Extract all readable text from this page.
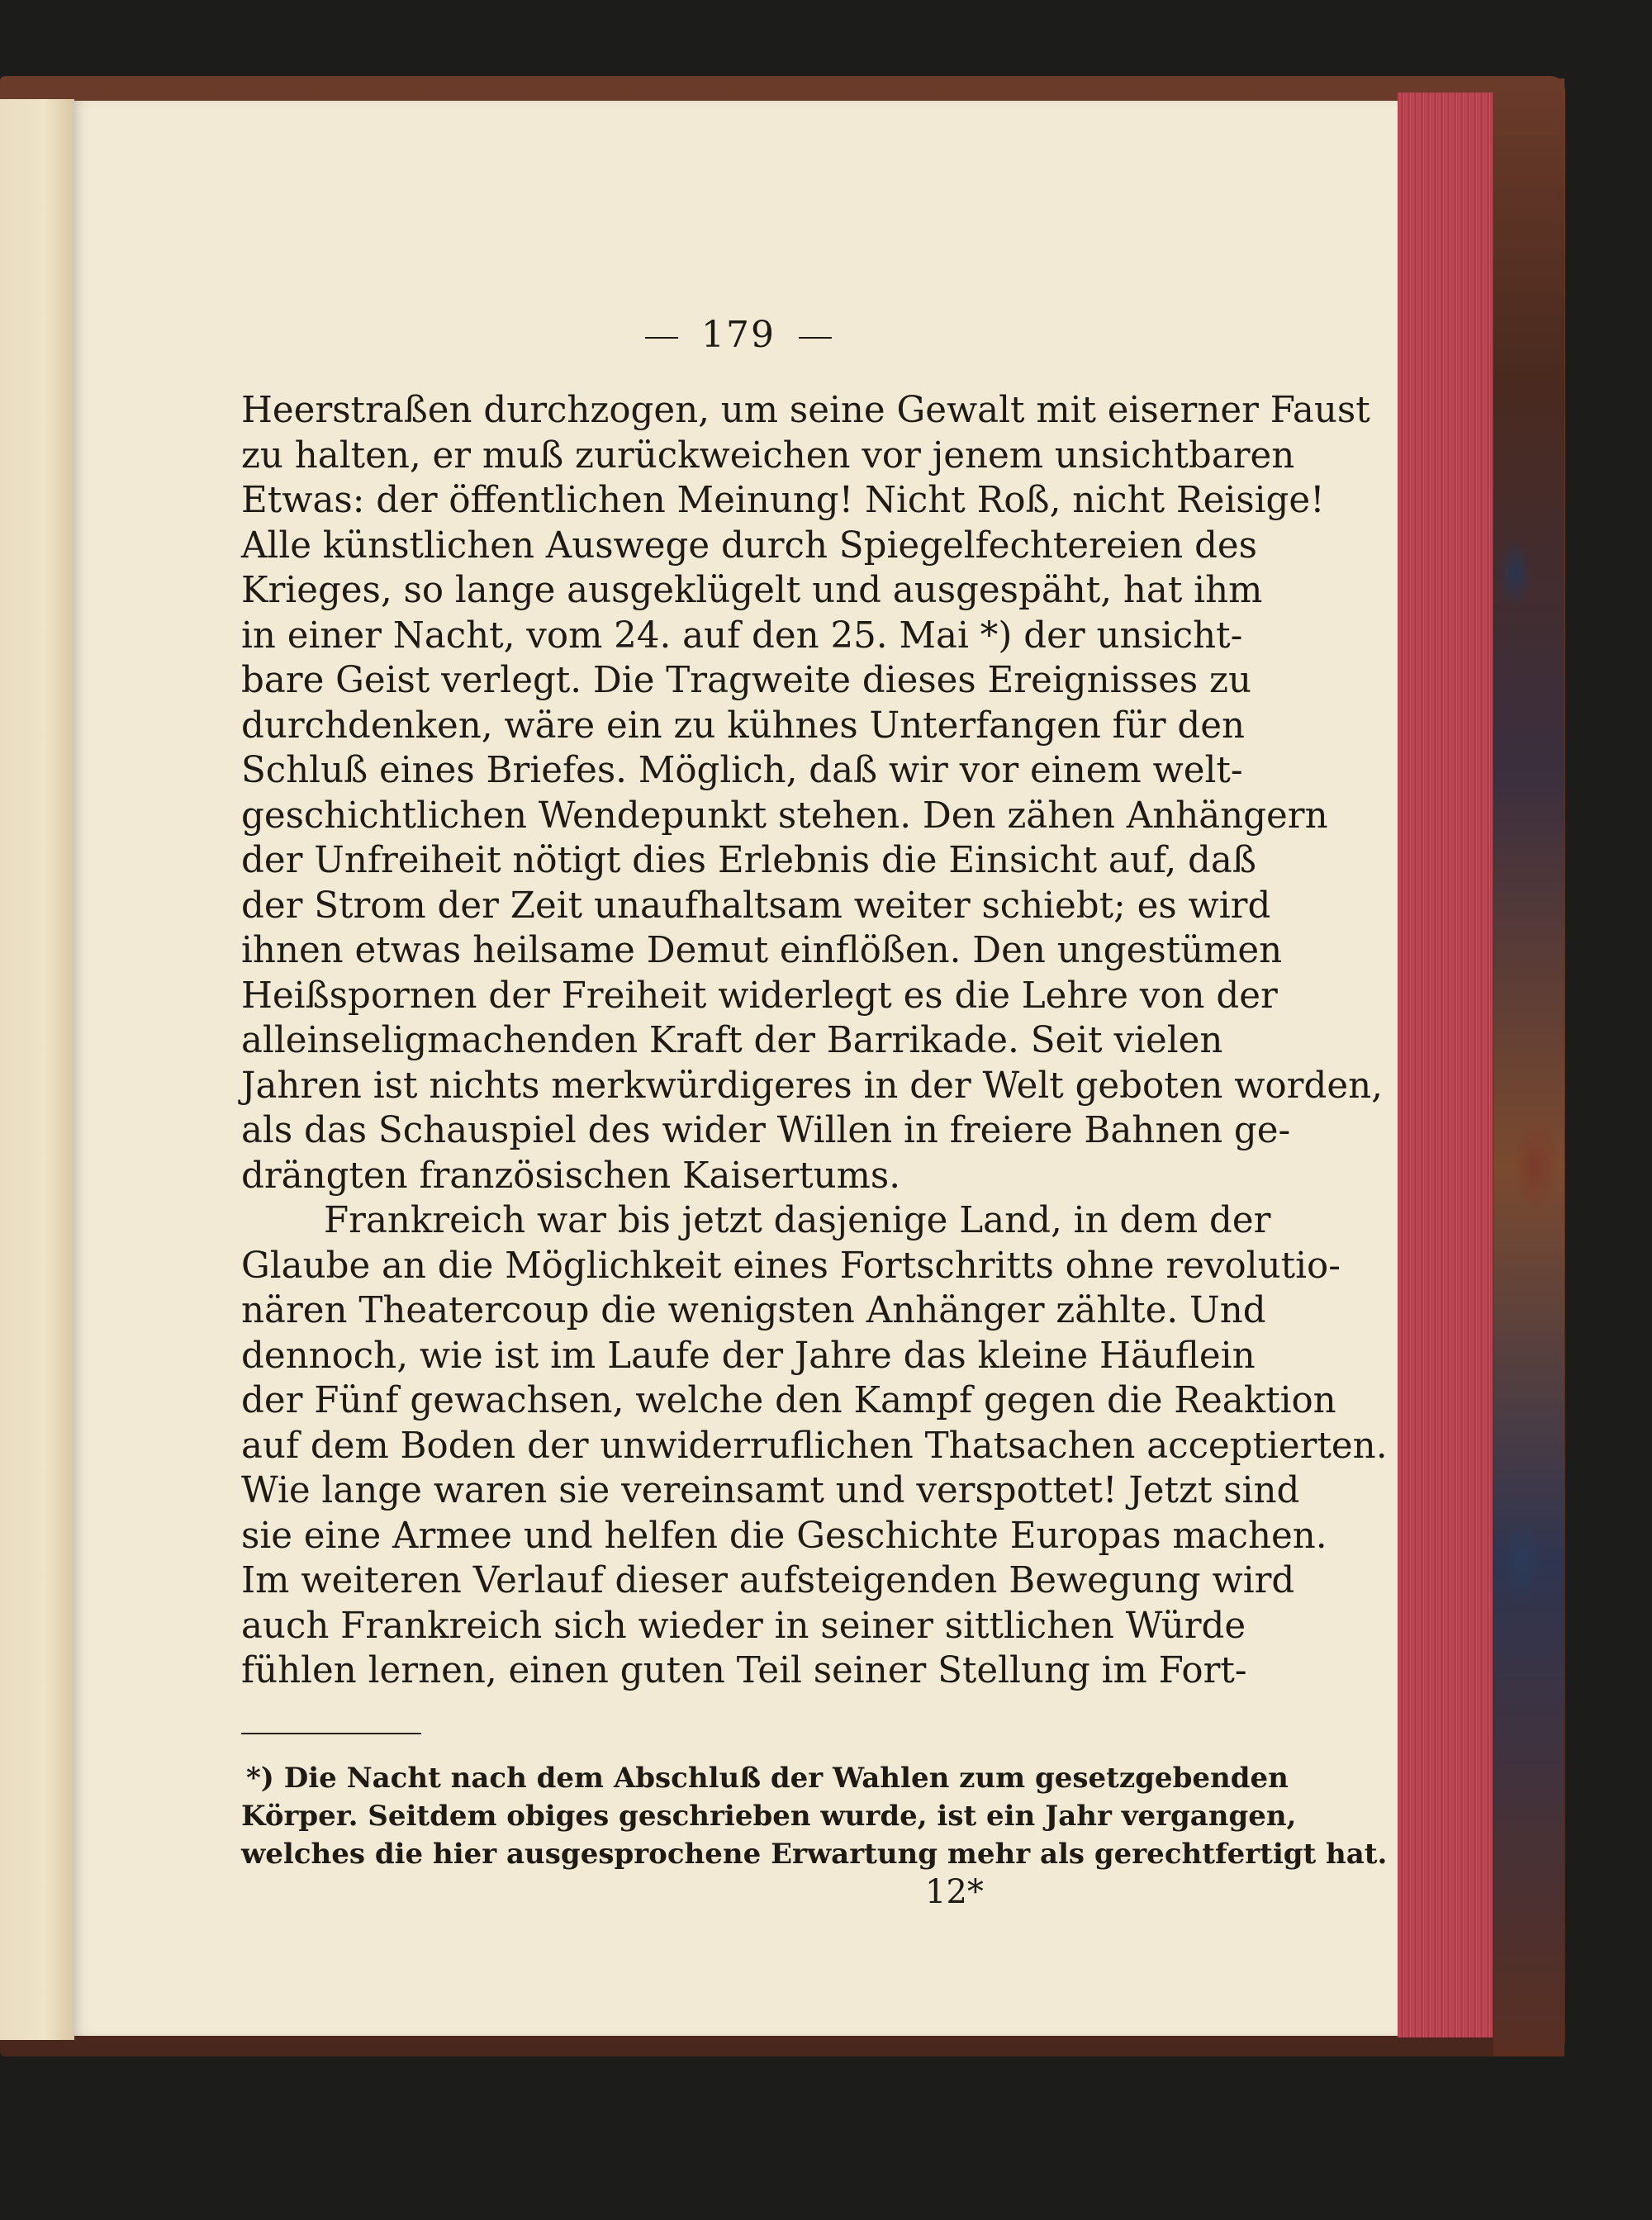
179
Heerstraßen durchzogen, um seine Gewalt mit eiserner Faust
zu halten, er muß zurückweichen vor jenem unsichtbaren
Etwas: der öffentlichen Meinung! Nicht Roß, nicht Reisige!
Alle künstlichen Auswege durch Spiegelfechtereien des
Krieges, so lange ausgeklügelt und ausgespäht, hat ihm
in einer Nacht, vom 24. auf den 25. Mai *) der unsicht-
bare Geist verlegt. Die Tragweite dieses Ereignisses zu
durchdenken, wäre ein zu kühnes Unterfangen für den
Schluß eines Briefes. Möglich, daß wir vor einem welt-
geschichtlichen Wendepunkt stehen. Den zähen Anhängern
der Unfreiheit nötigt dies Erlebnis die Einsicht auf, daß
der Strom der Zeit unaufhaltsam weiter schiebt; es wird
ihnen etwas heilsame Demut einflößen. Den ungestümen
Heißspornen der Freiheit widerlegt es die Lehre von der
alleinseligmachenden Kraft der Barrikade. Seit vielen
Jahren ist nichts merkwürdigeres in der Welt geboten worden,
als das Schauspiel des wider Willen in freiere Bahnen ge-
drängten französischen Kaisertums.
Frankreich war bis jetzt dasjenige Land, in dem der
Glaube an die Möglichkeit eines Fortschritts ohne revolutio-
nären Theatercoup die wenigsten Anhänger zählte. Und
dennoch, wie ist im Laufe der Jahre das kleine Häuflein
der Fünf gewachsen, welche den Kampf gegen die Reaktion
auf dem Boden der unwiderruflichen Thatsachen acceptierten.
Wie lange waren sie vereinsamt und verspottet! Jetzt sind
sie eine Armee und helfen die Geschichte Europas machen.
Im weiteren Verlauf dieser aufsteigenden Bewegung wird
auch Frankreich sich wieder in seiner sittlichen Würde
fühlen lernen, einen guten Teil seiner Stellung im Fort-
*) Die Nacht nach dem Abschluß der Wahlen zum gesetzgebenden
Körper. Seitdem obiges geschrieben wurde, ist ein Jahr vergangen,
welches die hier ausgesprochene Erwartung mehr als gerechtfertigt hat.
12*
